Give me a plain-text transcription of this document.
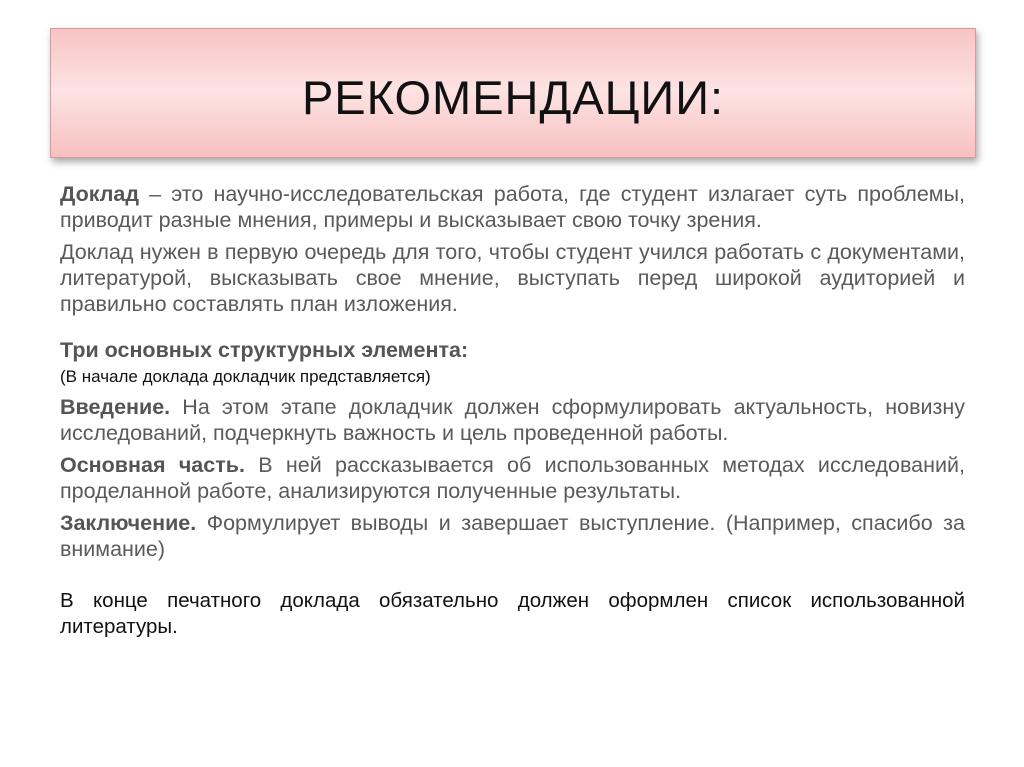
РЕКОМЕНДАЦИИ:

Доклад – это научно-исследовательская работа, где студент излагает суть проблемы, приводит разные мнения, примеры и высказывает свою точку зрения.

Доклад нужен в первую очередь для того, чтобы студент учился работать с документами, литературой, высказывать свое мнение, выступать перед широкой аудиторией и правильно составлять план изложения.

Три основных структурных элемента:
(В начале доклада докладчик представляется)

Введение. На этом этапе докладчик должен сформулировать актуальность, новизну исследований, подчеркнуть важность и цель проведенной работы.

Основная часть. В ней рассказывается об использованных методах исследований, проделанной работе, анализируются полученные результаты.

Заключение. Формулирует выводы и завершает выступление. (Например, спасибо за внимание)

В конце печатного доклада обязательно должен оформлен список использованной литературы.
